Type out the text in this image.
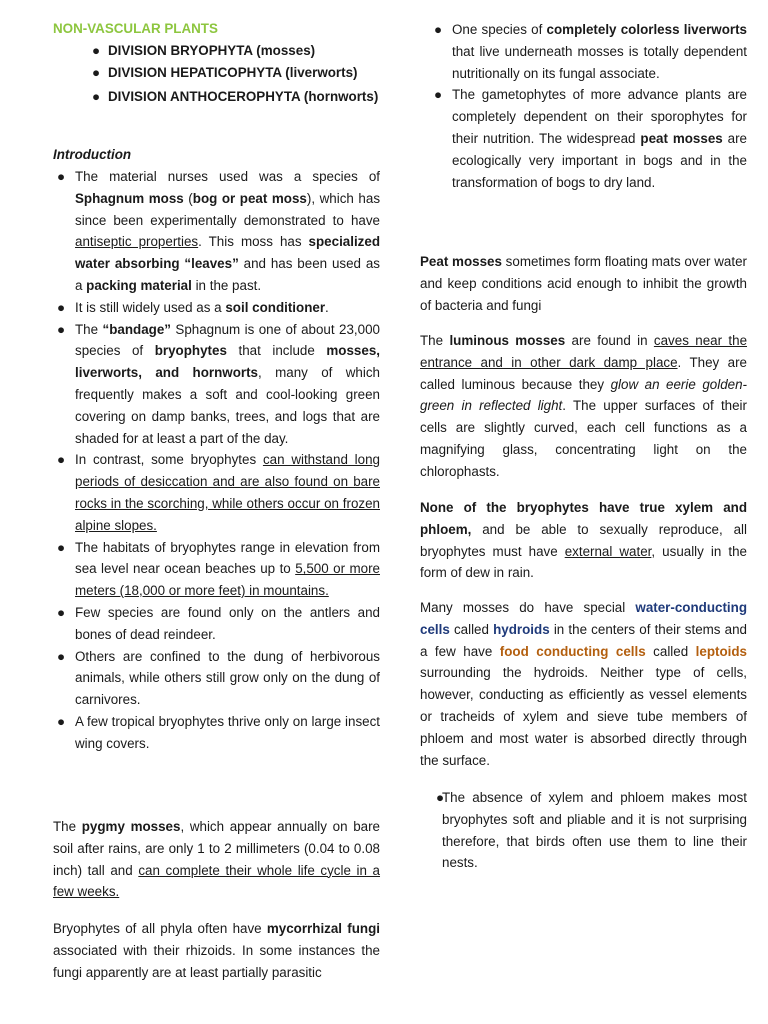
NON-VASCULAR PLANTS
● DIVISION BRYOPHYTA (mosses)
● DIVISION HEPATICOPHYTA (liverworts)
● DIVISION ANTHOCEROPHYTA (hornworts)
Introduction
● The material nurses used was a species of Sphagnum moss (bog or peat moss), which has since been experimentally demonstrated to have antiseptic properties. This moss has specialized water absorbing “leaves” and has been used as a packing material in the past.
● It is still widely used as a soil conditioner.
● The “bandage” Sphagnum is one of about 23,000 species of bryophytes that include mosses, liverworts, and hornworts, many of which frequently makes a soft and cool-looking green covering on damp banks, trees, and logs that are shaded for at least a part of the day.
● In contrast, some bryophytes can withstand long periods of desiccation and are also found on bare rocks in the scorching, while others occur on frozen alpine slopes.
● The habitats of bryophytes range in elevation from sea level near ocean beaches up to 5,500 or more meters (18,000 or more feet) in mountains.
● Few species are found only on the antlers and bones of dead reindeer.
● Others are confined to the dung of herbivorous animals, while others still grow only on the dung of carnivores.
● A few tropical bryophytes thrive only on large insect wing covers.

The pygmy mosses, which appear annually on bare soil after rains, are only 1 to 2 millimeters (0.04 to 0.08 inch) tall and can complete their whole life cycle in a few weeks.

Bryophytes of all phyla often have mycorrhizal fungi associated with their rhizoids. In some instances the fungi apparently are at least partially parasitic

● One species of completely colorless liverworts that live underneath mosses is totally dependent nutritionally on its fungal associate.
● The gametophytes of more advance plants are completely dependent on their sporophytes for their nutrition. The widespread peat mosses are ecologically very important in bogs and in the transformation of bogs to dry land.

Peat mosses sometimes form floating mats over water and keep conditions acid enough to inhibit the growth of bacteria and fungi

The luminous mosses are found in caves near the entrance and in other dark damp place. They are called luminous because they glow an eerie golden-green in reflected light. The upper surfaces of their cells are slightly curved, each cell functions as a magnifying glass, concentrating light on the chlorophasts.

None of the bryophytes have true xylem and phloem, and be able to sexually reproduce, all bryophytes must have external water, usually in the form of dew in rain.

Many mosses do have special water-conducting cells called hydroids in the centers of their stems and a few have food conducting cells called leptoids surrounding the hydroids. Neither type of cells, however, conducting as efficiently as vessel elements or tracheids of xylem and sieve tube members of phloem and most water is absorbed directly through the surface.

●
The absence of xylem and phloem makes most bryophytes soft and pliable and it is not surprising therefore, that birds often use them to line their nests.
